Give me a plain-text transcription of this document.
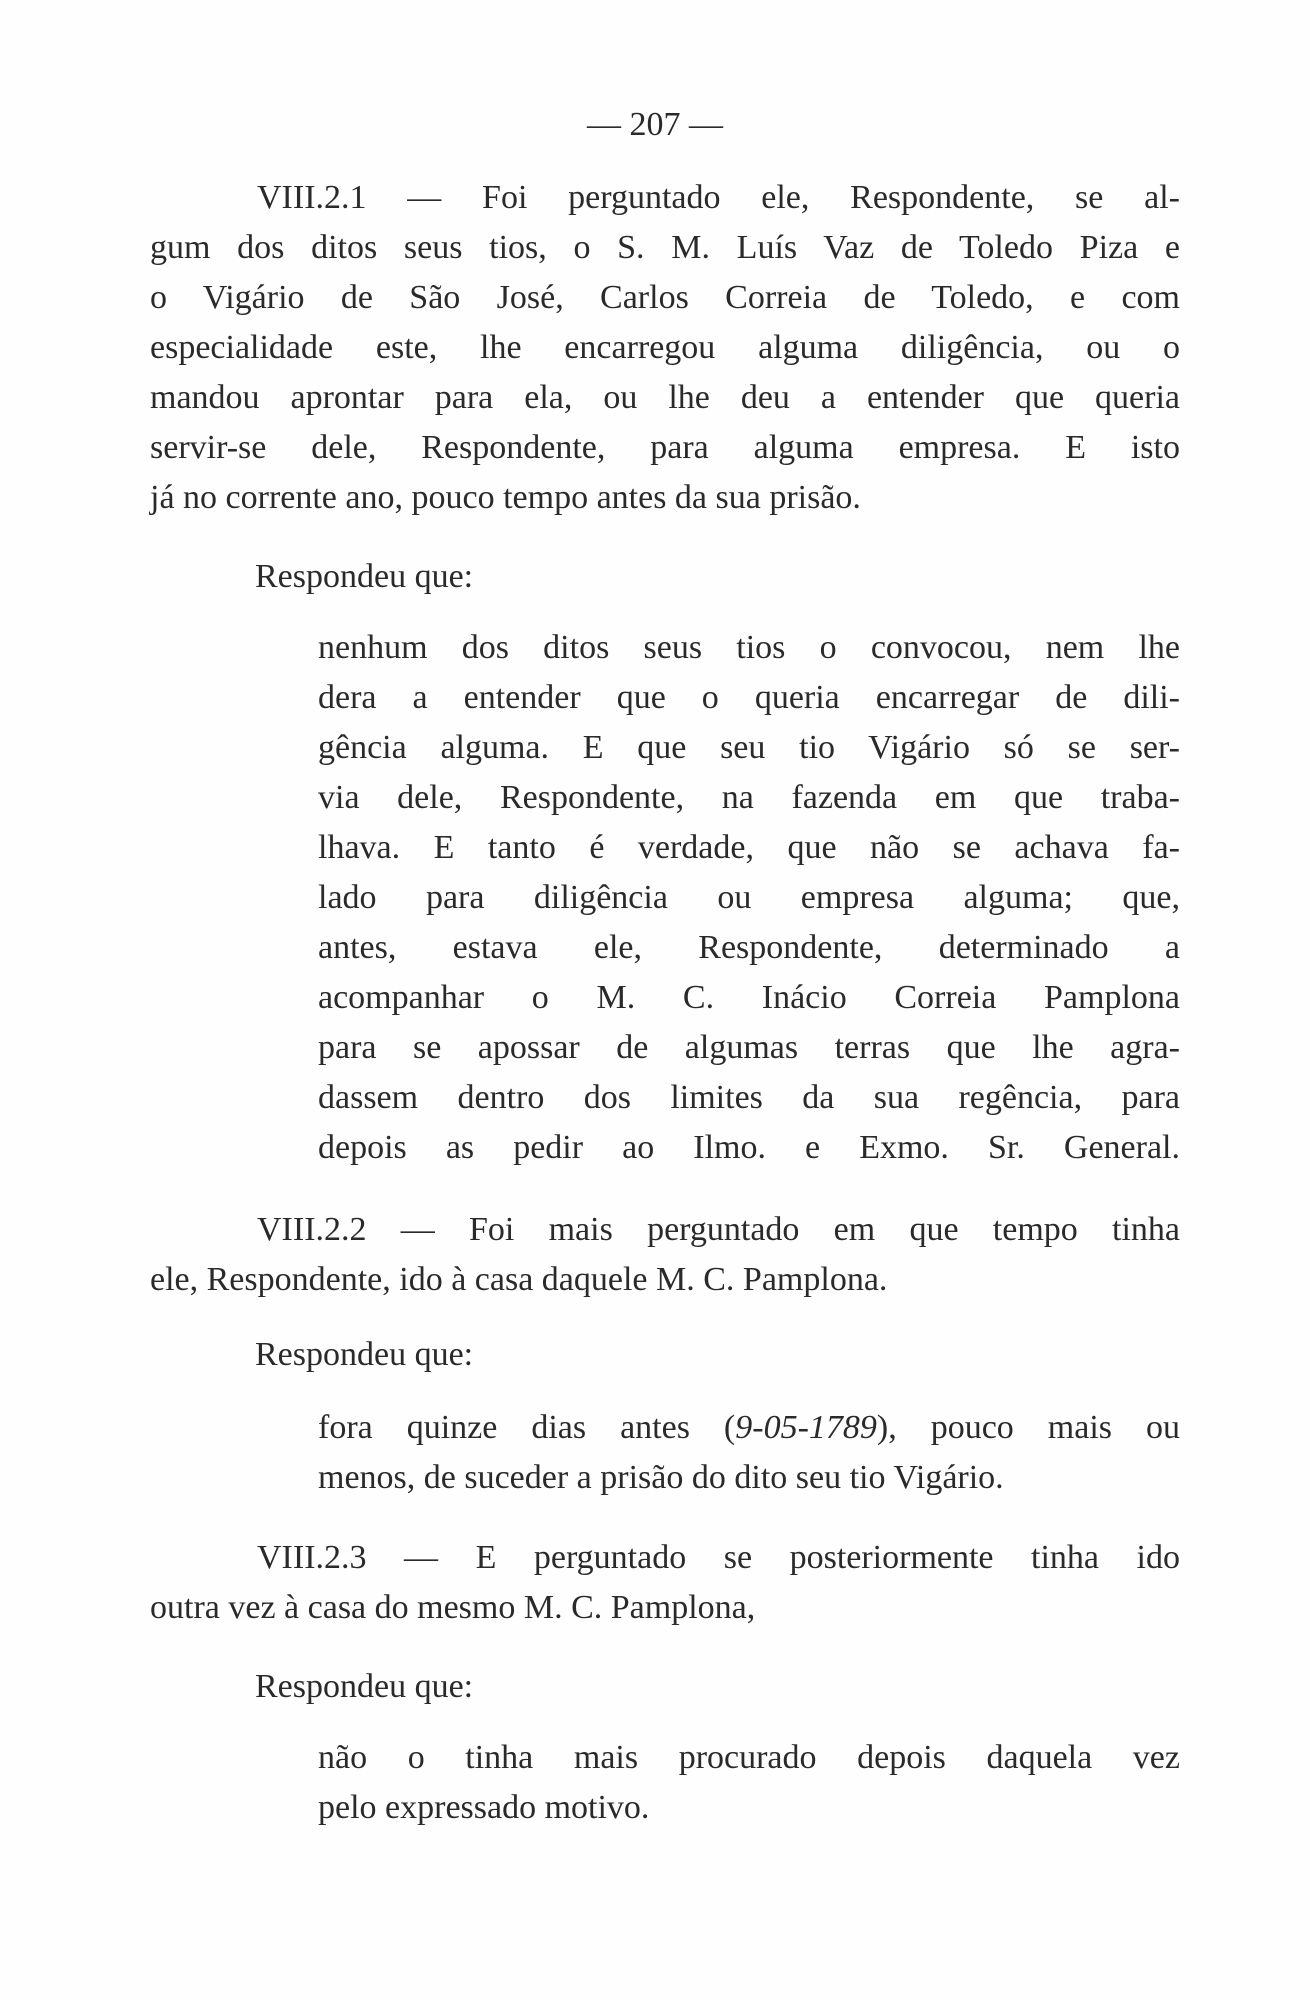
— 207 —
VIII.2.1 — Foi perguntado ele, Respondente, se al-
gum dos ditos seus tios, o S. M. Luís Vaz de Toledo Piza e
o Vigário de São José, Carlos Correia de Toledo, e com
especialidade este, lhe encarregou alguma diligência, ou o
mandou aprontar para ela, ou lhe deu a entender que queria
servir-se dele, Respondente, para alguma empresa. E isto
já no corrente ano, pouco tempo antes da sua prisão.
Respondeu que:
nenhum dos ditos seus tios o convocou, nem lhe
dera a entender que o queria encarregar de dili-
gência alguma. E que seu tio Vigário só se ser-
via dele, Respondente, na fazenda em que traba-
lhava. E tanto é verdade, que não se achava fa-
lado para diligência ou empresa alguma; que,
antes, estava ele, Respondente, determinado a
acompanhar o M. C. Inácio Correia Pamplona
para se apossar de algumas terras que lhe agra-
dassem dentro dos limites da sua regência, para
depois as pedir ao Ilmo. e Exmo. Sr. General.
VIII.2.2 — Foi mais perguntado em que tempo tinha
ele, Respondente, ido à casa daquele M. C. Pamplona.
Respondeu que:
fora quinze dias antes (9-05-1789), pouco mais ou
menos, de suceder a prisão do dito seu tio Vigário.
VIII.2.3 — E perguntado se posteriormente tinha ido
outra vez à casa do mesmo M. C. Pamplona,
Respondeu que:
não o tinha mais procurado depois daquela vez
pelo expressado motivo.
